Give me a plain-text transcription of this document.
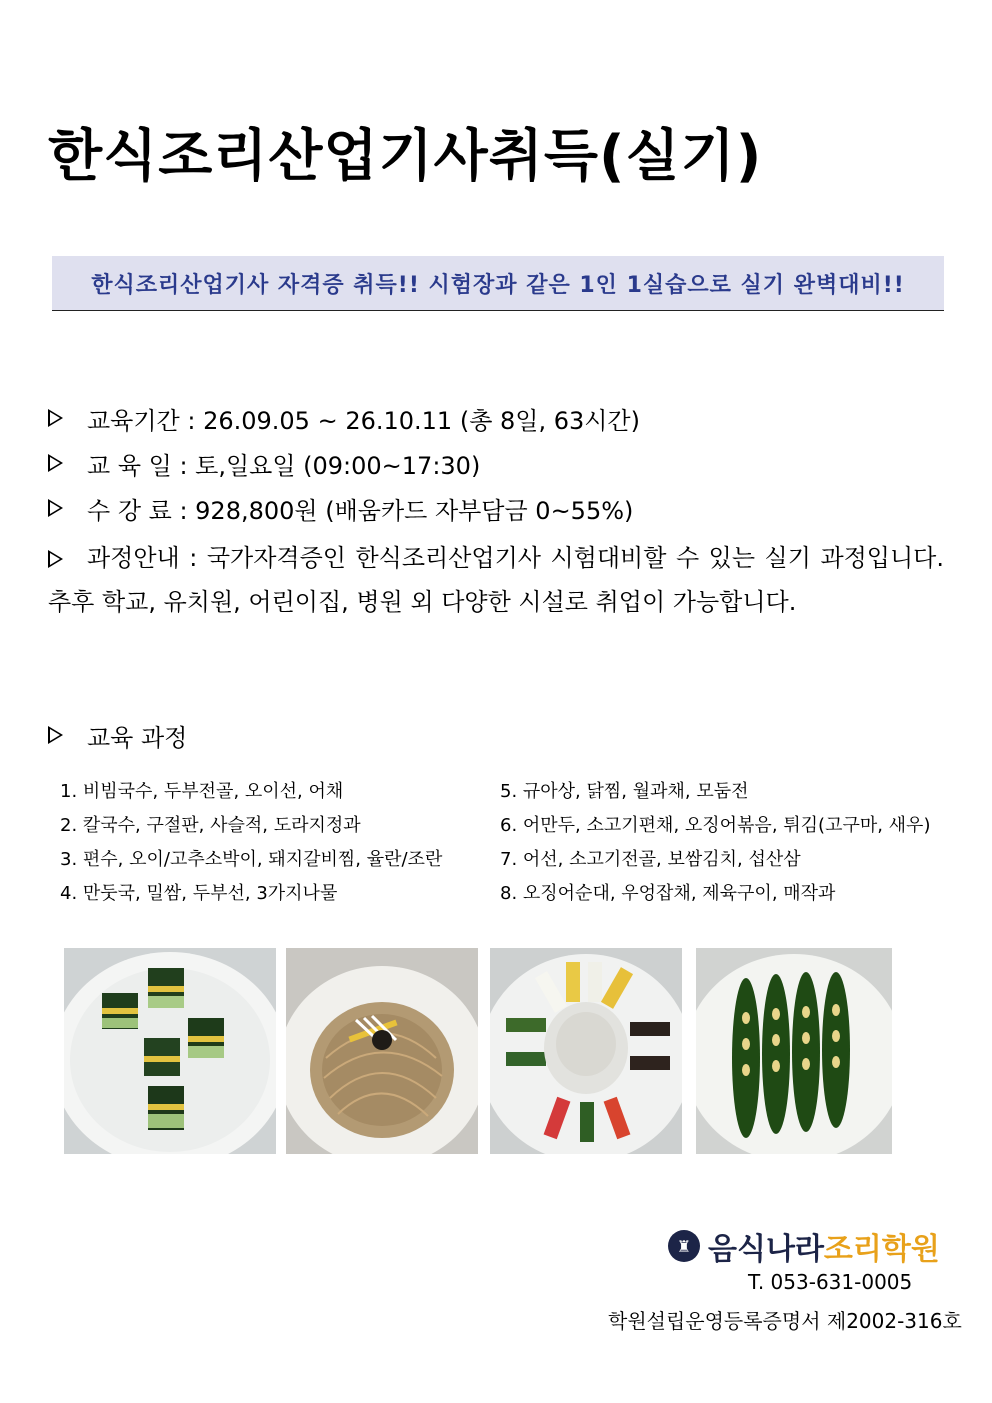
한식조리산업기사취득(실기)
한식조리산업기사 자격증 취득!! 시험장과 같은 1인 1실습으로 실기 완벽대비!!
교육기간 : 26.09.05 ~ 26.10.11 (총 8일, 63시간)
교 육 일 : 토,일요일 (09:00~17:30)
수 강 료 : 928,800원 (배움카드 자부담금 0~55%)
과정안내 : 국가자격증인 한식조리산업기사 시험대비할 수 있는 실기 과정입니다. 추후 학교, 유치원, 어린이집, 병원 외 다양한 시설로 취업이 가능합니다.
교육 과정
1. 비빔국수, 두부전골, 오이선, 어채
2. 칼국수, 구절판, 사슬적, 도라지정과
3. 편수, 오이/고추소박이, 돼지갈비찜, 율란/조란
4. 만둣국, 밀쌈, 두부선, 3가지나물
5. 규아상, 닭찜, 월과채, 모둠전
6. 어만두, 소고기편채, 오징어볶음, 튀김(고구마, 새우)
7. 어선, 소고기전골, 보쌈김치, 섭산삼
8. 오징어순대, 우엉잡채, 제육구이, 매작과
♜ 음식나라 조리학원
T. 053-631-0005
학원설립운영등록증명서 제2002-316호
